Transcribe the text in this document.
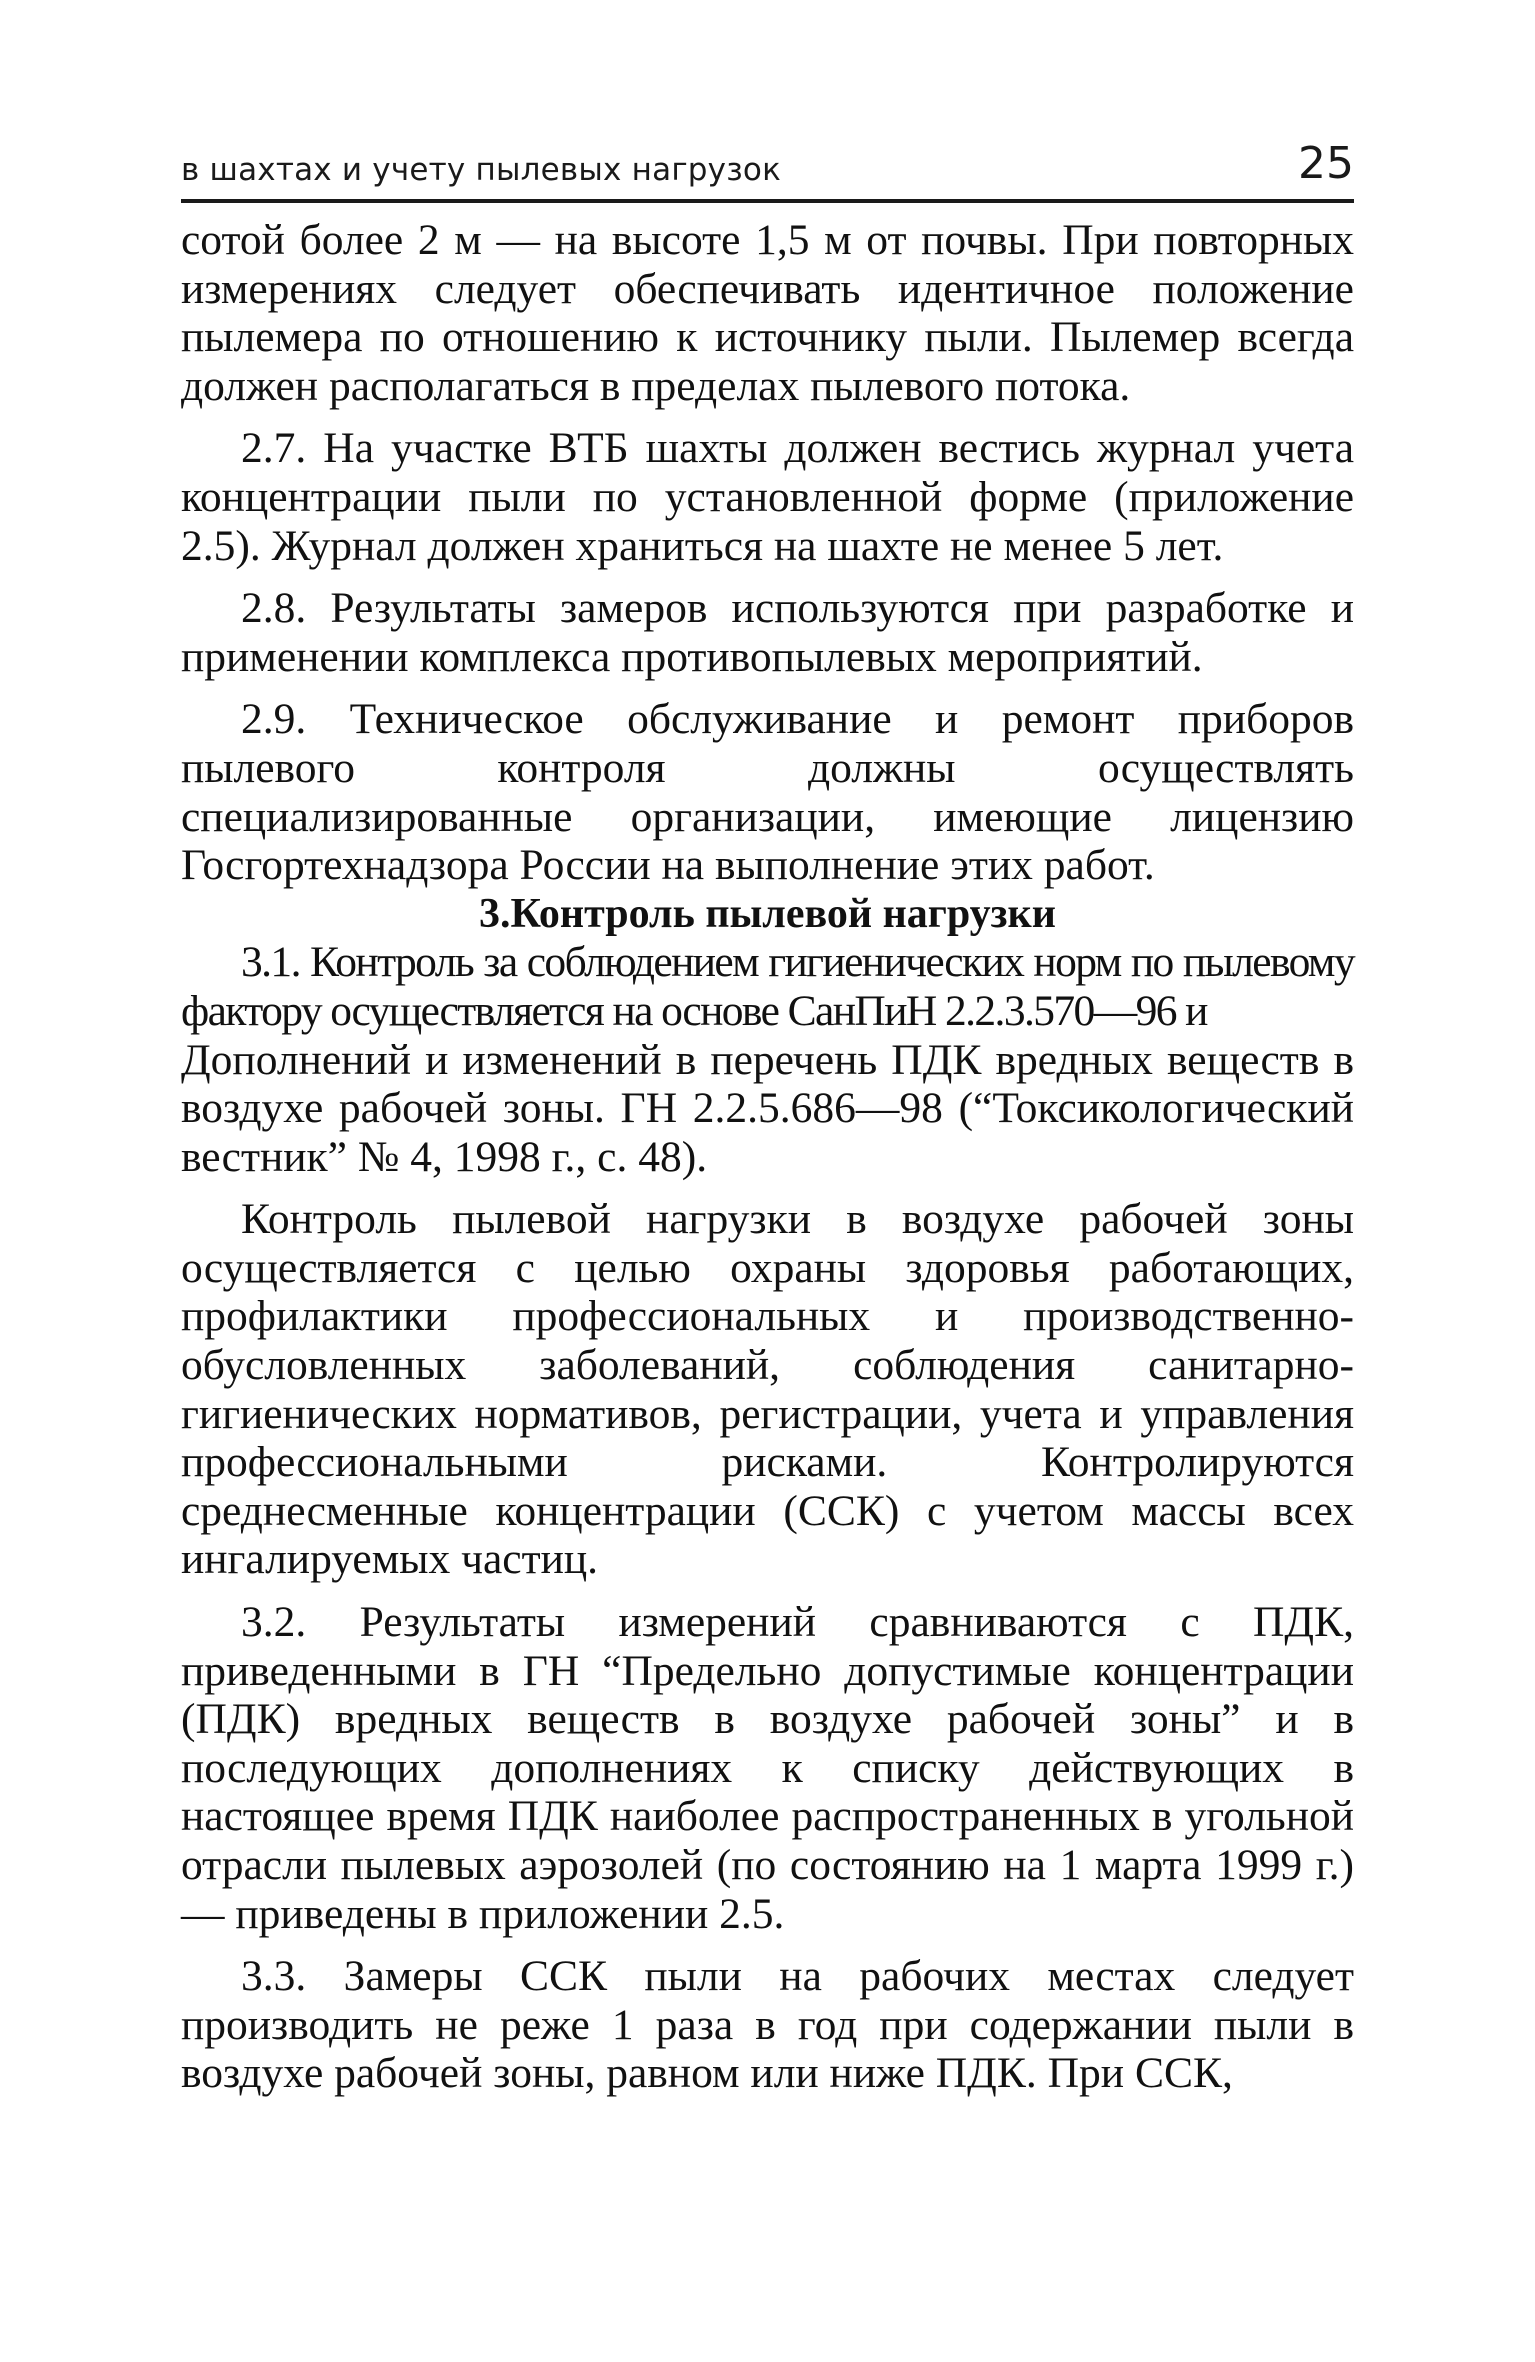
в шахтах и учету пылевых нагрузок	25

сотой более 2 м — на высоте 1,5 м от почвы. При повторных измерениях следует обеспечивать идентичное положение пылемера по отношению к источнику пыли. Пылемер всегда должен располагаться в пределах пылевого потока.

2.7. На участке ВТБ шахты должен вестись журнал учета концентрации пыли по установленной форме (приложение 2.5). Журнал должен храниться на шахте не менее 5 лет.

2.8. Результаты замеров используются при разработке и применении комплекса противопылевых мероприятий.

2.9. Техническое обслуживание и ремонт приборов пылевого контроля должны осуществлять специализированные организации, имеющие лицензию Госгортехнадзора России на выполнение этих работ.

3.Контроль пылевой нагрузки

3.1. Контроль за соблюдением гигиенических норм по пылевому фактору осуществляется на основе СанПиН 2.2.3.570—96 и

Дополнений и изменений в перечень ПДК вредных веществ в воздухе рабочей зоны. ГН 2.2.5.686—98 (“Токсикологический вестник” № 4, 1998 г., с. 48).

Контроль пылевой нагрузки в воздухе рабочей зоны осуществляется с целью охраны здоровья работающих, профилактики профессиональных и производственно-обусловленных заболеваний, соблюдения санитарно- гигиенических нормативов, регистрации, учета и управления профессиональными рисками. Контролируются среднесменные концентрации (ССК) с учетом массы всех ингалируемых частиц.

3.2. Результаты измерений сравниваются с ПДК, приведенными в ГН “Предельно допустимые концентрации (ПДК) вредных веществ в воздухе рабочей зоны” и в последующих дополнениях к списку действующих в настоящее время ПДК наиболее распространенных в угольной отрасли пылевых аэрозолей (по состоянию на 1 марта 1999 г.) — приведены в приложении 2.5.

3.3. Замеры ССК пыли на рабочих местах следует производить не реже 1 раза в год при содержании пыли в воздухе рабочей зоны, равном или ниже ПДК. При ССК,
